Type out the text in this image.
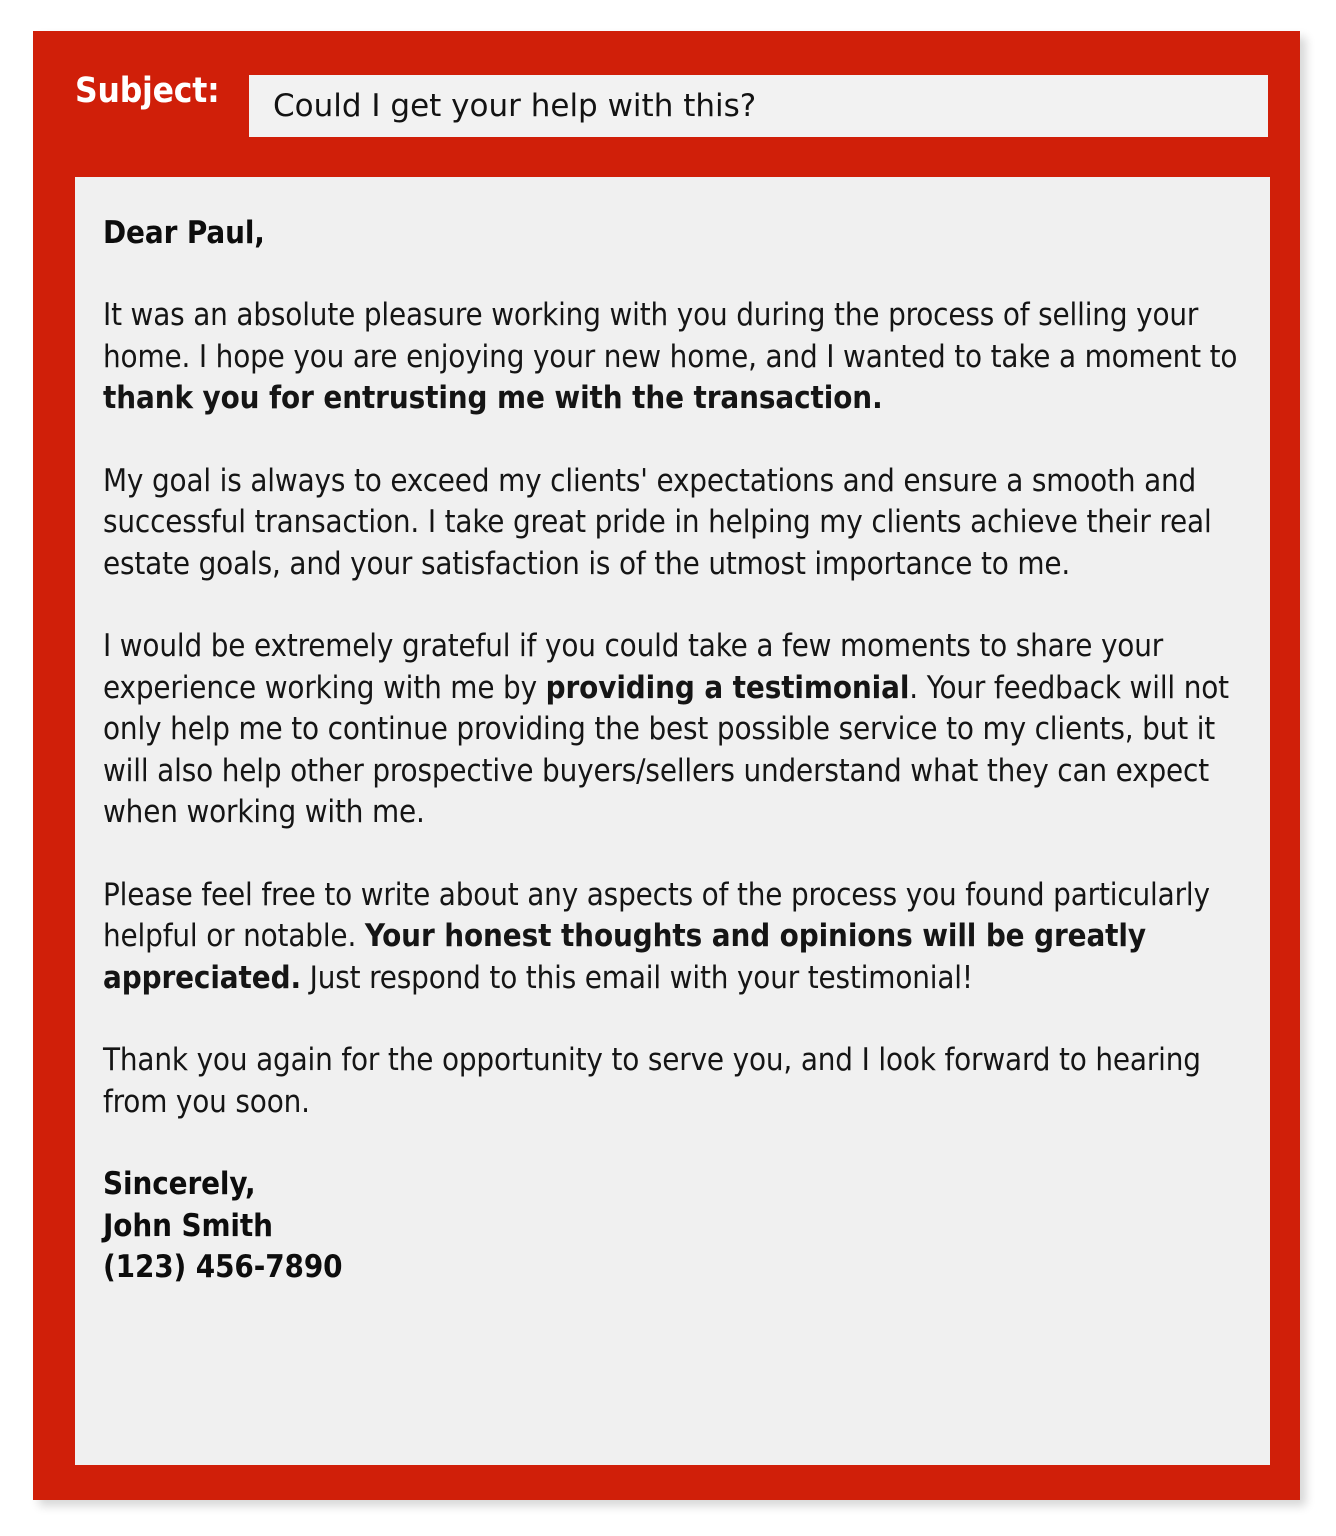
Subject:	Could I get your help with this?

Dear Paul,

It was an absolute pleasure working with you during the process of selling your home. I hope you are enjoying your new home, and I wanted to take a moment to thank you for entrusting me with the transaction.

My goal is always to exceed my clients' expectations and ensure a smooth and successful transaction. I take great pride in helping my clients achieve their real estate goals, and your satisfaction is of the utmost importance to me.

I would be extremely grateful if you could take a few moments to share your experience working with me by providing a testimonial. Your feedback will not only help me to continue providing the best possible service to my clients, but it will also help other prospective buyers/sellers understand what they can expect when working with me.

Please feel free to write about any aspects of the process you found particularly helpful or notable. Your honest thoughts and opinions will be greatly appreciated. Just respond to this email with your testimonial!

Thank you again for the opportunity to serve you, and I look forward to hearing from you soon.

Sincerely,
John Smith
(123) 456-7890
